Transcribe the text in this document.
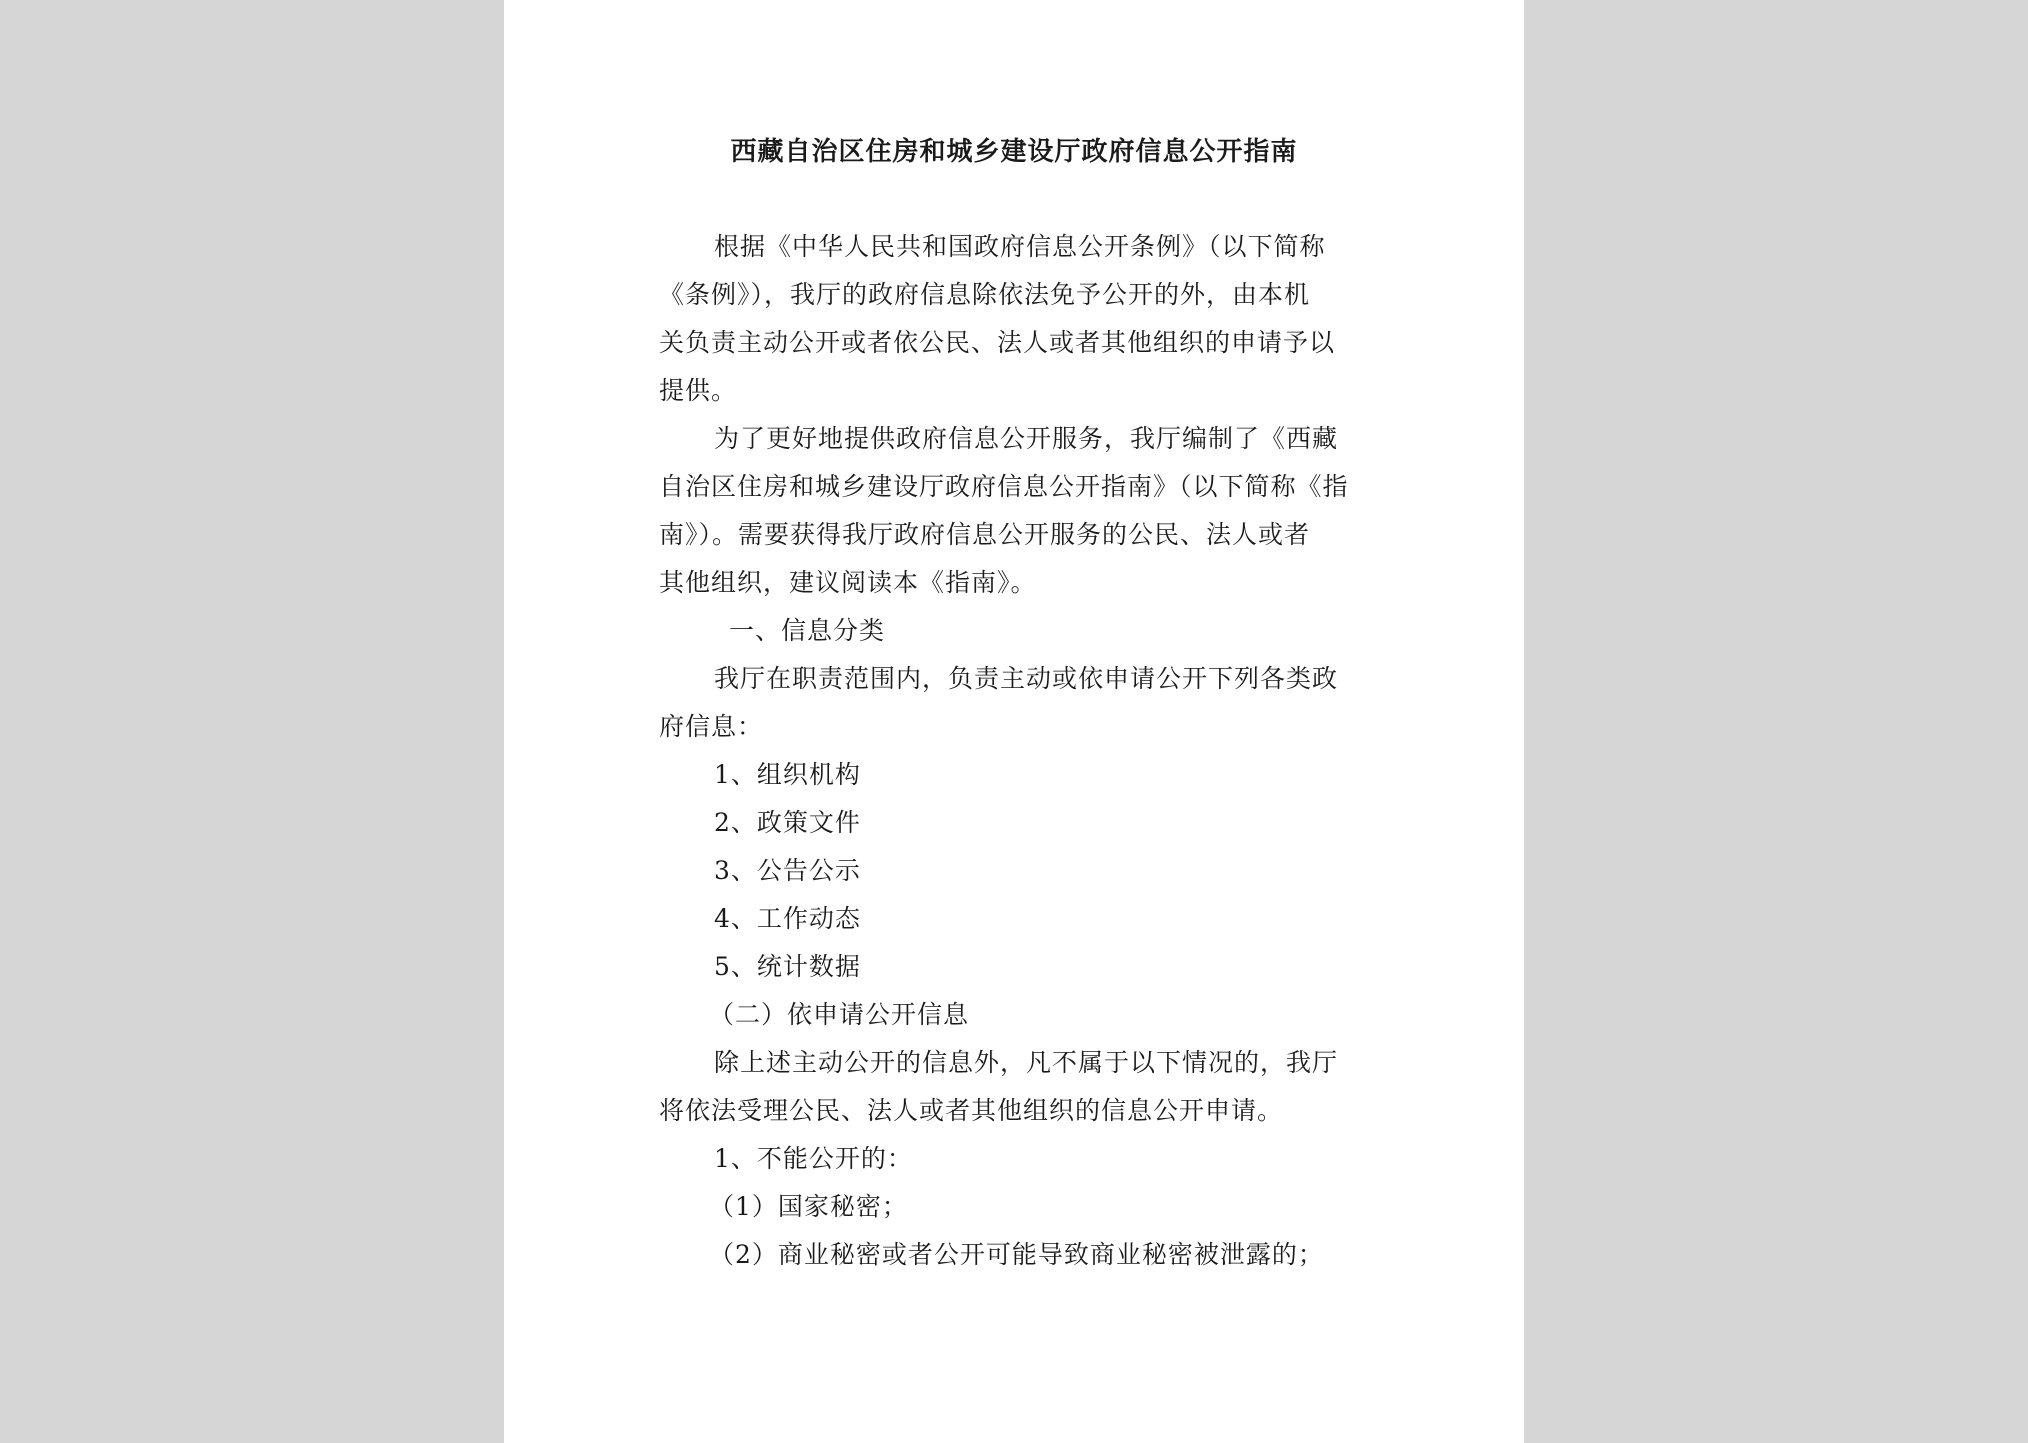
西藏自治区住房和城乡建设厅政府信息公开指南
根据《中华人民共和国政府信息公开条例》（以下简称
《条例》），我厅的政府信息除依法免予公开的外，由本机
关负责主动公开或者依公民、法人或者其他组织的申请予以
提供。
为了更好地提供政府信息公开服务，我厅编制了《西藏
自治区住房和城乡建设厅政府信息公开指南》（以下简称《指
南》）。需要获得我厅政府信息公开服务的公民、法人或者
其他组织，建议阅读本《指南》。
一、信息分类
我厅在职责范围内，负责主动或依申请公开下列各类政
府信息：
1、组织机构
2、政策文件
3、公告公示
4、工作动态
5、统计数据
（二）依申请公开信息
除上述主动公开的信息外，凡不属于以下情况的，我厅
将依法受理公民、法人或者其他组织的信息公开申请。
1、不能公开的：
（1）国家秘密；
（2）商业秘密或者公开可能导致商业秘密被泄露的；
